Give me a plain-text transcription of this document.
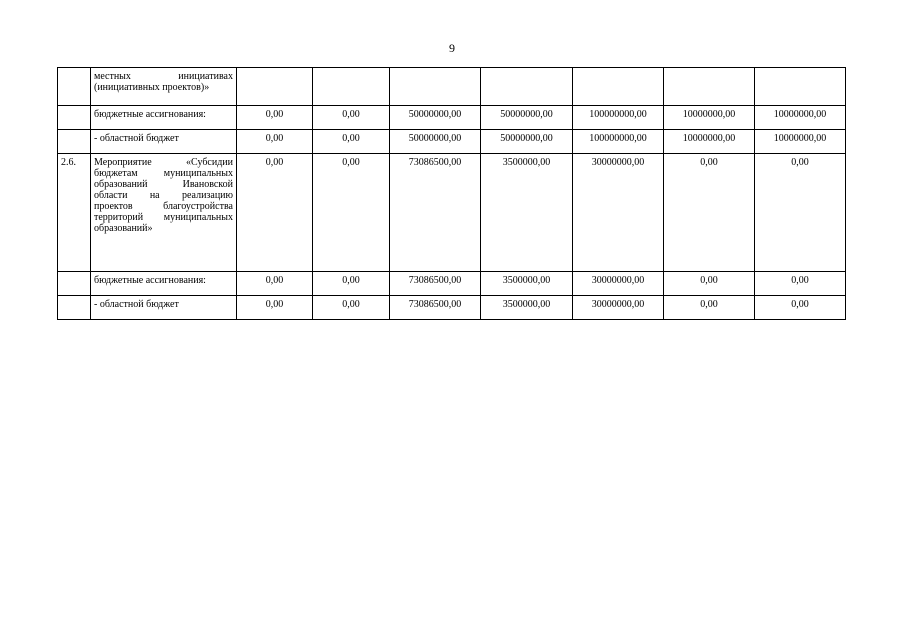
9

	местных инициативах
(инициативных проектов)»							

	бюджетные ассигнования:	0,00	0,00	50000000,00	50000000,00	100000000,00	10000000,00	10000000,00
	- областной бюджет	0,00	0,00	50000000,00	50000000,00	100000000,00	10000000,00	10000000,00
2.6.	Мероприятие «Субсидии бюджетам муниципальных образований Ивановской области на реализацию проектов благоустройства территорий муниципальных образований»	0,00	0,00	73086500,00	3500000,00	30000000,00	0,00	0,00
	бюджетные ассигнования:	0,00	0,00	73086500,00	3500000,00	30000000,00	0,00	0,00
	- областной бюджет	0,00	0,00	73086500,00	3500000,00	30000000,00	0,00	0,00
